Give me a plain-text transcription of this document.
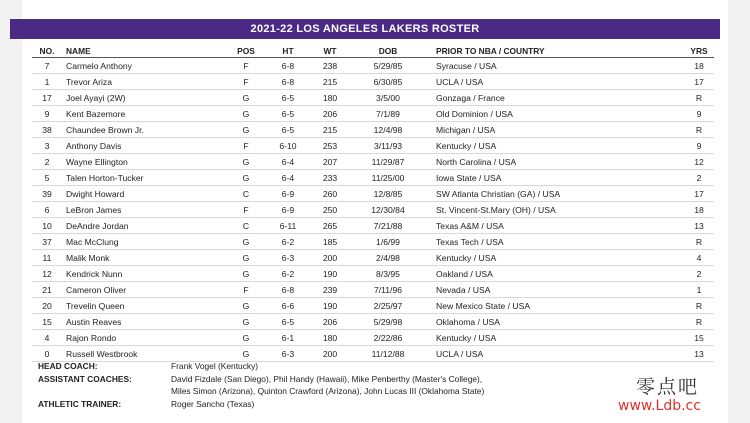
2021-22 LOS ANGELES LAKERS ROSTER
NO.	NAME	POS	HT	WT	DOB	PRIOR TO NBA / COUNTRY	YRS
7	Carmelo Anthony	F	6-8	238	5/29/85	Syracuse / USA	18
1	Trevor Ariza	F	6-8	215	6/30/85	UCLA / USA	17
17	Joel Ayayi (2W)	G	6-5	180	3/5/00	Gonzaga / France	R
9	Kent Bazemore	G	6-5	206	7/1/89	Old Dominion / USA	9
38	Chaundee Brown Jr.	G	6-5	215	12/4/98	Michigan / USA	R
3	Anthony Davis	F	6-10	253	3/11/93	Kentucky / USA	9
2	Wayne Ellington	G	6-4	207	11/29/87	North Carolina / USA	12
5	Talen Horton-Tucker	G	6-4	233	11/25/00	Iowa State / USA	2
39	Dwight Howard	C	6-9	260	12/8/85	SW Atlanta Christian (GA) / USA	17
6	LeBron James	F	6-9	250	12/30/84	St. Vincent-St.Mary (OH) / USA	18
10	DeAndre Jordan	C	6-11	265	7/21/88	Texas A&M / USA	13
37	Mac McClung	G	6-2	185	1/6/99	Texas Tech / USA	R
11	Malik Monk	G	6-3	200	2/4/98	Kentucky / USA	4
12	Kendrick Nunn	G	6-2	190	8/3/95	Oakland / USA	2
21	Cameron Oliver	F	6-8	239	7/11/96	Nevada / USA	1
20	Trevelin Queen	G	6-6	190	2/25/97	New Mexico State / USA	R
15	Austin Reaves	G	6-5	206	5/29/98	Oklahoma / USA	R
4	Rajon Rondo	G	6-1	180	2/22/86	Kentucky / USA	15
0	Russell Westbrook	G	6-3	200	11/12/88	UCLA / USA	13
HEAD COACH:	Frank Vogel (Kentucky)
ASSISTANT COACHES:	David Fizdale (San Diego), Phil Handy (Hawaii), Mike Penberthy (Master's College),
Miles Simon (Arizona), Quinton Crawford (Arizona), John Lucas III (Oklahoma State)
ATHLETIC TRAINER:	Roger Sancho (Texas)
零点吧
www.Ldb.cc
